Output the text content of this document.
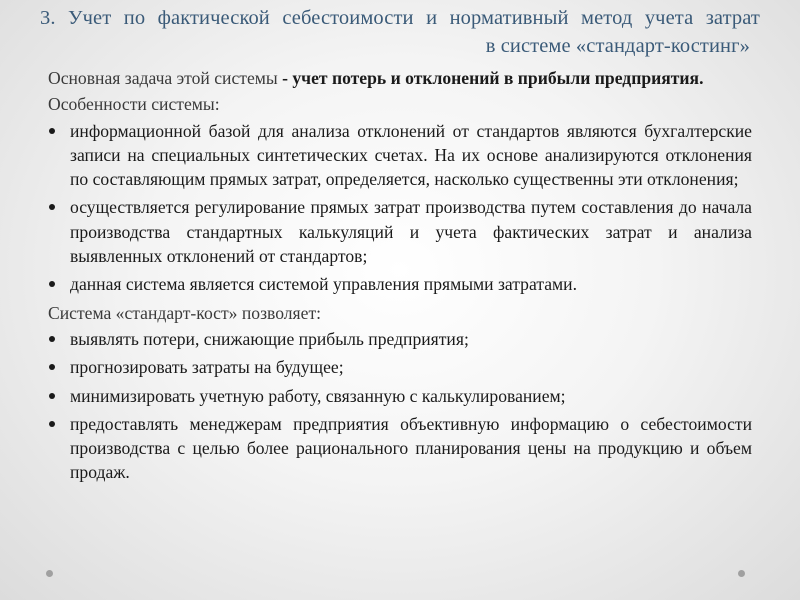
3. Учет по фактической себестоимости и нормативный метод учета затрат
в системе «стандарт-костинг»
Основная задача этой системы - учет потерь и отклонений в прибыли предприятия.
Особенности системы:
информационной базой для анализа отклонений от стандартов являются бухгалтерские записи на специальных синтетических счетах. На их основе анализируются отклонения по составляющим прямых затрат, определяется, насколько существенны эти отклонения;
осуществляется регулирование прямых затрат производства путем составления до начала производства стандартных калькуляций и учета фактических затрат и анализа выявленных отклонений от стандартов;
данная система является системой управления прямыми затратами.
Система «стандарт-кост» позволяет:
выявлять потери, снижающие прибыль предприятия;
прогнозировать затраты на будущее;
минимизировать учетную работу, связанную с калькулированием;
предоставлять менеджерам предприятия объективную информацию о себестоимости производства с целью более рационального планирования цены на продукцию и объем продаж.
